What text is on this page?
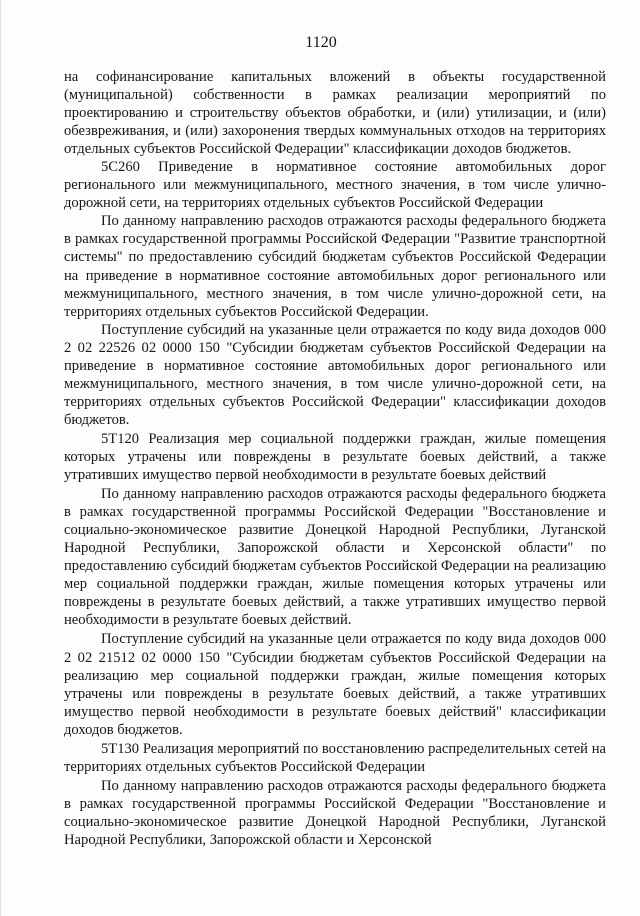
1120

на софинансирование капитальных вложений в объекты государственной (муниципальной) собственности в рамках реализации мероприятий по проектированию и строительству объектов обработки, и (или) утилизации, и (или) обезвреживания, и (или) захоронения твердых коммунальных отходов на территориях отдельных субъектов Российской Федерации" классификации доходов бюджетов.

5С260 Приведение в нормативное состояние автомобильных дорог регионального или межмуниципального, местного значения, в том числе улично-дорожной сети, на территориях отдельных субъектов Российской Федерации

По данному направлению расходов отражаются расходы федерального бюджета в рамках государственной программы Российской Федерации "Развитие транспортной системы" по предоставлению субсидий бюджетам субъектов Российской Федерации на приведение в нормативное состояние автомобильных дорог регионального или межмуниципального, местного значения, в том числе улично-дорожной сети, на территориях отдельных субъектов Российской Федерации.

Поступление субсидий на указанные цели отражается по коду вида доходов 000 2 02 22526 02 0000 150 "Субсидии бюджетам субъектов Российской Федерации на приведение в нормативное состояние автомобильных дорог регионального или межмуниципального, местного значения, в том числе улично-дорожной сети, на территориях отдельных субъектов Российской Федерации" классификации доходов бюджетов.

5Т120 Реализация мер социальной поддержки граждан, жилые помещения которых утрачены или повреждены в результате боевых действий, а также утративших имущество первой необходимости в результате боевых действий

По данному направлению расходов отражаются расходы федерального бюджета в рамках государственной программы Российской Федерации "Восстановление и социально-экономическое развитие Донецкой Народной Республики, Луганской Народной Республики, Запорожской области и Херсонской области" по предоставлению субсидий бюджетам субъектов Российской Федерации на реализацию мер социальной поддержки граждан, жилые помещения которых утрачены или повреждены в результате боевых действий, а также утративших имущество первой необходимости в результате боевых действий.

Поступление субсидий на указанные цели отражается по коду вида доходов 000 2 02 21512 02 0000 150 "Субсидии бюджетам субъектов Российской Федерации на реализацию мер социальной поддержки граждан, жилые помещения которых утрачены или повреждены в результате боевых действий, а также утративших имущество первой необходимости в результате боевых действий" классификации доходов бюджетов.

5Т130 Реализация мероприятий по восстановлению распределительных сетей на территориях отдельных субъектов Российской Федерации

По данному направлению расходов отражаются расходы федерального бюджета в рамках государственной программы Российской Федерации "Восстановление и социально-экономическое развитие Донецкой Народной Республики, Луганской Народной Республики, Запорожской области и Херсонской
